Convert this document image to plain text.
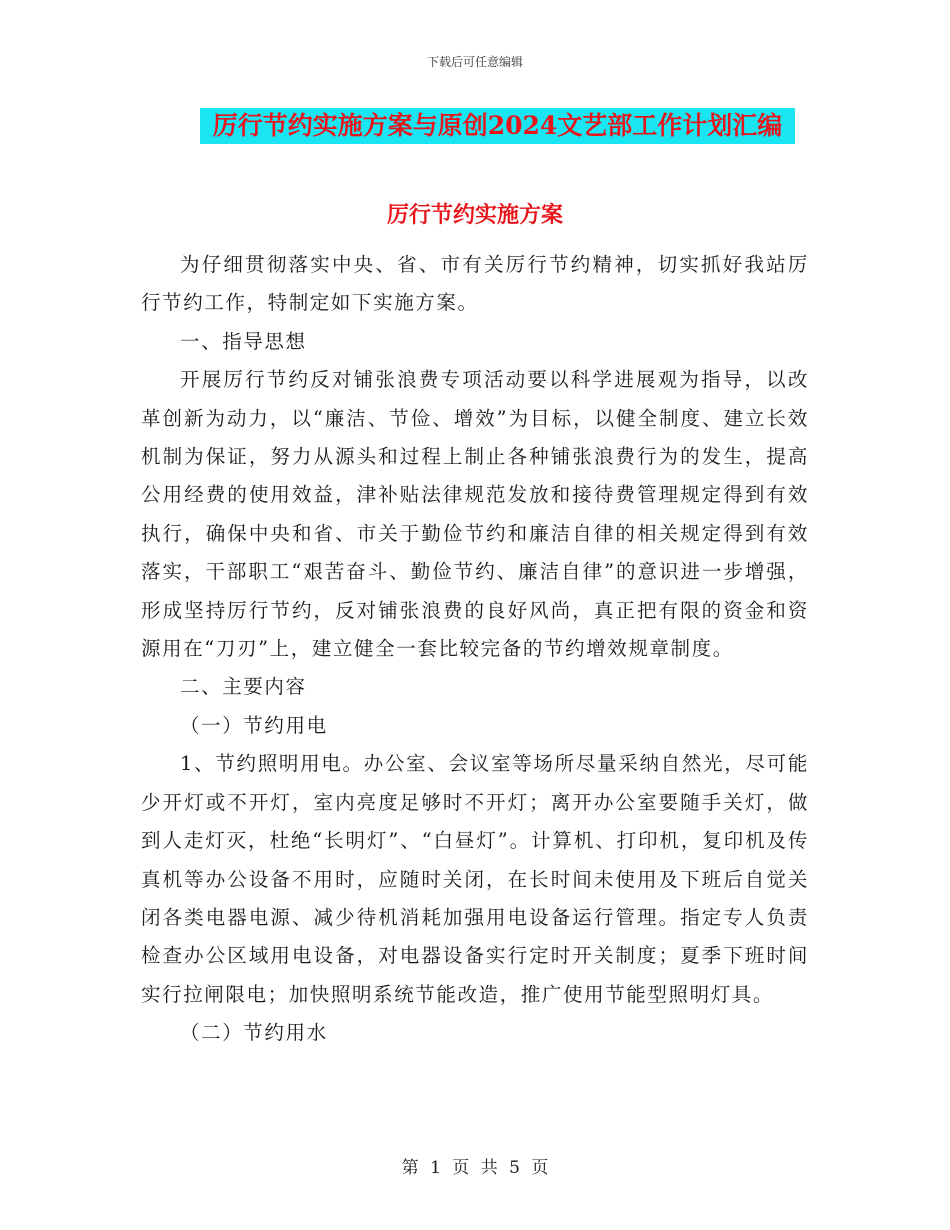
下载后可任意编辑
厉行节约实施方案与原创2024文艺部工作计划汇编
厉行节约实施方案

为仔细贯彻落实中央、省、市有关厉行节约精神，切实抓好我站厉行节约工作，特制定如下实施方案。

一、指导思想

开展厉行节约反对铺张浪费专项活动要以科学进展观为指导，以改革创新为动力，以“廉洁、节俭、增效”为目标，以健全制度、建立长效机制为保证，努力从源头和过程上制止各种铺张浪费行为的发生，提高公用经费的使用效益，津补贴法律规范发放和接待费管理规定得到有效执行，确保中央和省、市关于勤俭节约和廉洁自律的相关规定得到有效落实，干部职工“艰苦奋斗、勤俭节约、廉洁自律”的意识进一步增强，形成坚持厉行节约，反对铺张浪费的良好风尚，真正把有限的资金和资源用在“刀刃”上，建立健全一套比较完备的节约增效规章制度。

二、主要内容

（一）节约用电

1、节约照明用电。办公室、会议室等场所尽量采纳自然光，尽可能少开灯或不开灯，室内亮度足够时不开灯；离开办公室要随手关灯，做到人走灯灭，杜绝“长明灯”、“白昼灯”。计算机、打印机，复印机及传真机等办公设备不用时，应随时关闭，在长时间未使用及下班后自觉关闭各类电器电源、减少待机消耗加强用电设备运行管理。指定专人负责检查办公区域用电设备，对电器设备实行定时开关制度；夏季下班时间实行拉闸限电；加快照明系统节能改造，推广使用节能型照明灯具。

（二）节约用水

第 1 页 共 5 页
